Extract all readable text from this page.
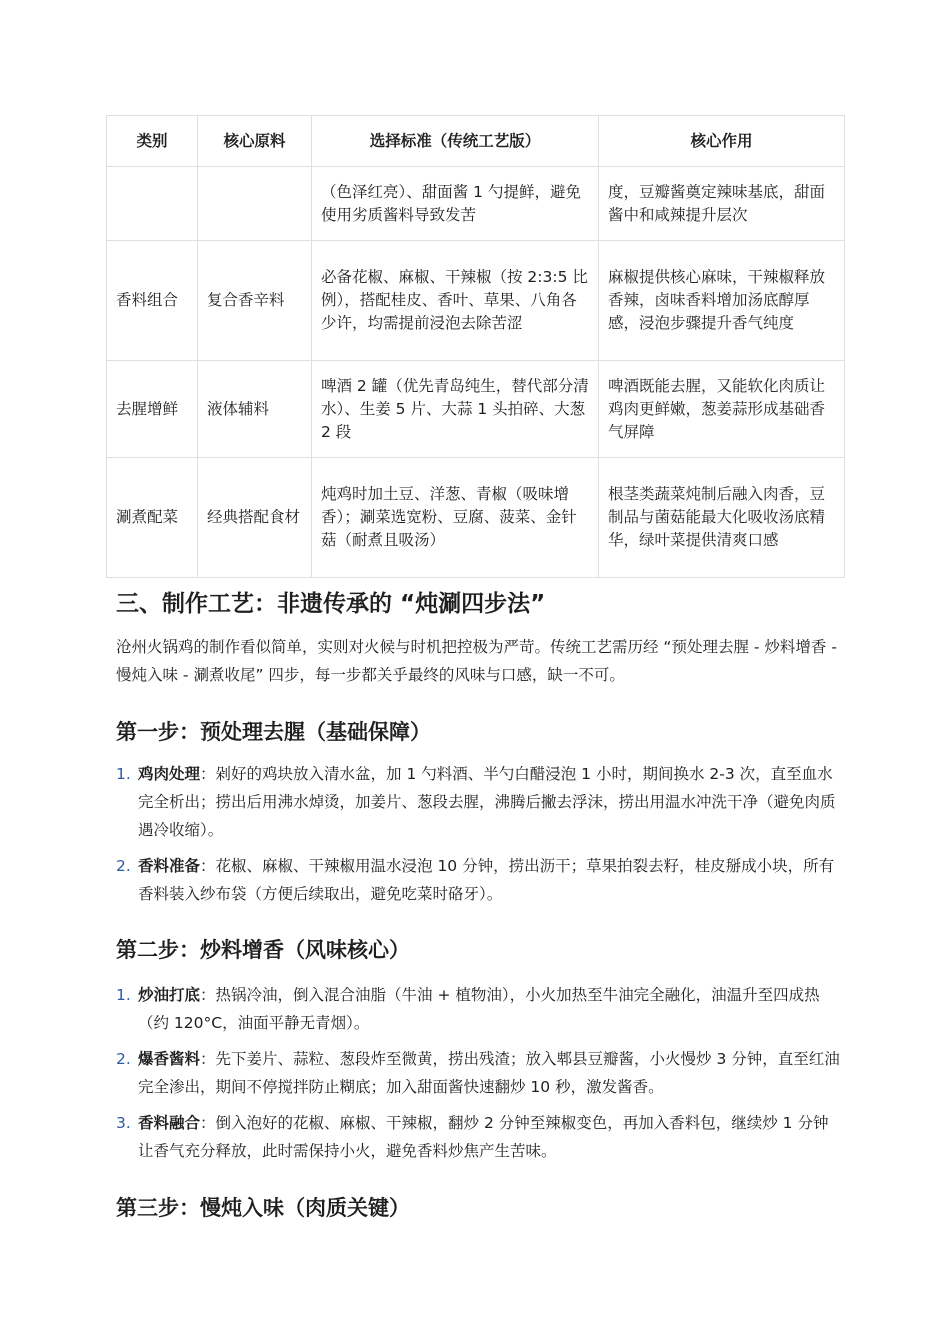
类别	核心原料	选择标准（传统工艺版）	核心作用
		（色泽红亮）、甜面酱 1 勺提鲜，避免使用劣质酱料导致发苦	度，豆瓣酱奠定辣味基底，甜面酱中和咸辣提升层次
香料组合	复合香辛料	必备花椒、麻椒、干辣椒（按 2:3:5 比例），搭配桂皮、香叶、草果、八角各少许，均需提前浸泡去除苦涩	麻椒提供核心麻味，干辣椒释放香辣，卤味香料增加汤底醇厚感，浸泡步骤提升香气纯度
去腥增鲜	液体辅料	啤酒 2 罐（优先青岛纯生，替代部分清水）、生姜 5 片、大蒜 1 头拍碎、大葱 2 段	啤酒既能去腥，又能软化肉质让鸡肉更鲜嫩，葱姜蒜形成基础香气屏障
涮煮配菜	经典搭配食材	炖鸡时加土豆、洋葱、青椒（吸味增香）；涮菜选宽粉、豆腐、菠菜、金针菇（耐煮且吸汤）	根茎类蔬菜炖制后融入肉香，豆制品与菌菇能最大化吸收汤底精华，绿叶菜提供清爽口感
三、制作工艺：非遗传承的 “炖涮四步法”

沧州火锅鸡的制作看似简单，实则对火候与时机把控极为严苛。传统工艺需历经 “预处理去腥 - 炒料增香 - 慢炖入味 - 涮煮收尾” 四步，每一步都关乎最终的风味与口感，缺一不可。

第一步：预处理去腥（基础保障）
1. 鸡肉处理：剁好的鸡块放入清水盆，加 1 勺料酒、半勺白醋浸泡 1 小时，期间换水 2-3 次，直至血水完全析出；捞出后用沸水焯烫，加姜片、葱段去腥，沸腾后撇去浮沫，捞出用温水冲洗干净（避免肉质遇冷收缩）。
2. 香料准备：花椒、麻椒、干辣椒用温水浸泡 10 分钟，捞出沥干；草果拍裂去籽，桂皮掰成小块，所有香料装入纱布袋（方便后续取出，避免吃菜时硌牙）。
第二步：炒料增香（风味核心）
1. 炒油打底：热锅冷油，倒入混合油脂（牛油 + 植物油），小火加热至牛油完全融化，油温升至四成热（约 120°C，油面平静无青烟）。
2. 爆香酱料：先下姜片、蒜粒、葱段炸至微黄，捞出残渣；放入郫县豆瓣酱，小火慢炒 3 分钟，直至红油完全渗出，期间不停搅拌防止糊底；加入甜面酱快速翻炒 10 秒，激发酱香。
3. 香料融合：倒入泡好的花椒、麻椒、干辣椒，翻炒 2 分钟至辣椒变色，再加入香料包，继续炒 1 分钟让香气充分释放，此时需保持小火，避免香料炒焦产生苦味。
第三步：慢炖入味（肉质关键）
